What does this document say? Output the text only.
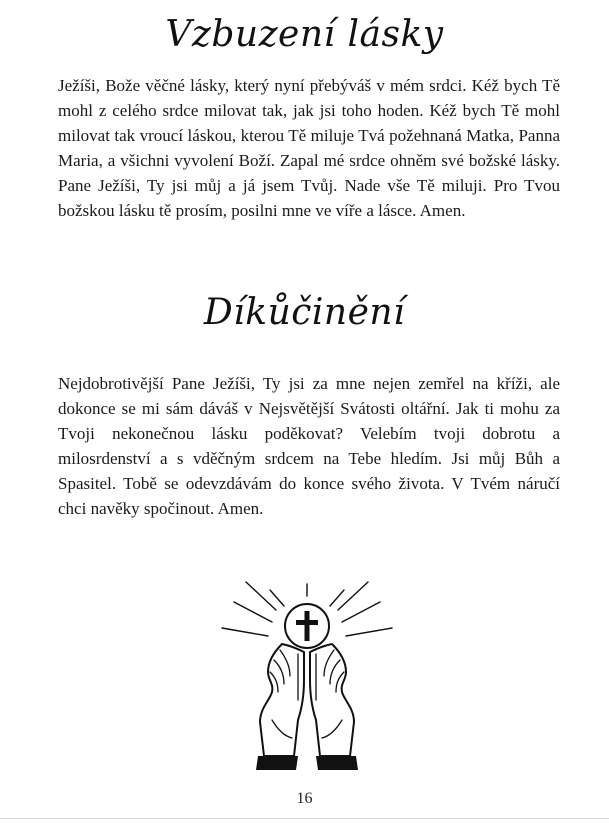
Vzbuzení lásky

Ježíši, Bože věčné lásky, který nyní přebýváš v mém srdci. Kéž bych Tě mohl z celého srdce milovat tak, jak jsi toho hoden. Kéž bych Tě mohl milovat tak vroucí láskou, kterou Tě miluje Tvá požehnaná Matka, Panna Maria, a všichni vyvolení Boží. Zapal mé srdce ohněm své božské lásky. Pane Ježíši, Ty jsi můj a já jsem Tvůj. Nade vše Tě miluji. Pro Tvou božskou lásku tě prosím, posilni mne ve víře a lásce. Amen.

Díkůčinění

Nejdobrotivější Pane Ježíši, Ty jsi za mne nejen zemřel na kříži, ale dokonce se mi sám dáváš v Nejsvětější Svátosti oltářní. Jak ti mohu za Tvoji nekonečnou lásku poděkovat? Velebím tvoji dobrotu a milosrdenství a s vděčným srdcem na Tebe hledím. Jsi můj Bůh a Spasitel. Tobě se odevzdávám do konce svého života. V Tvém náručí chci navěky spočinout. Amen.

16
